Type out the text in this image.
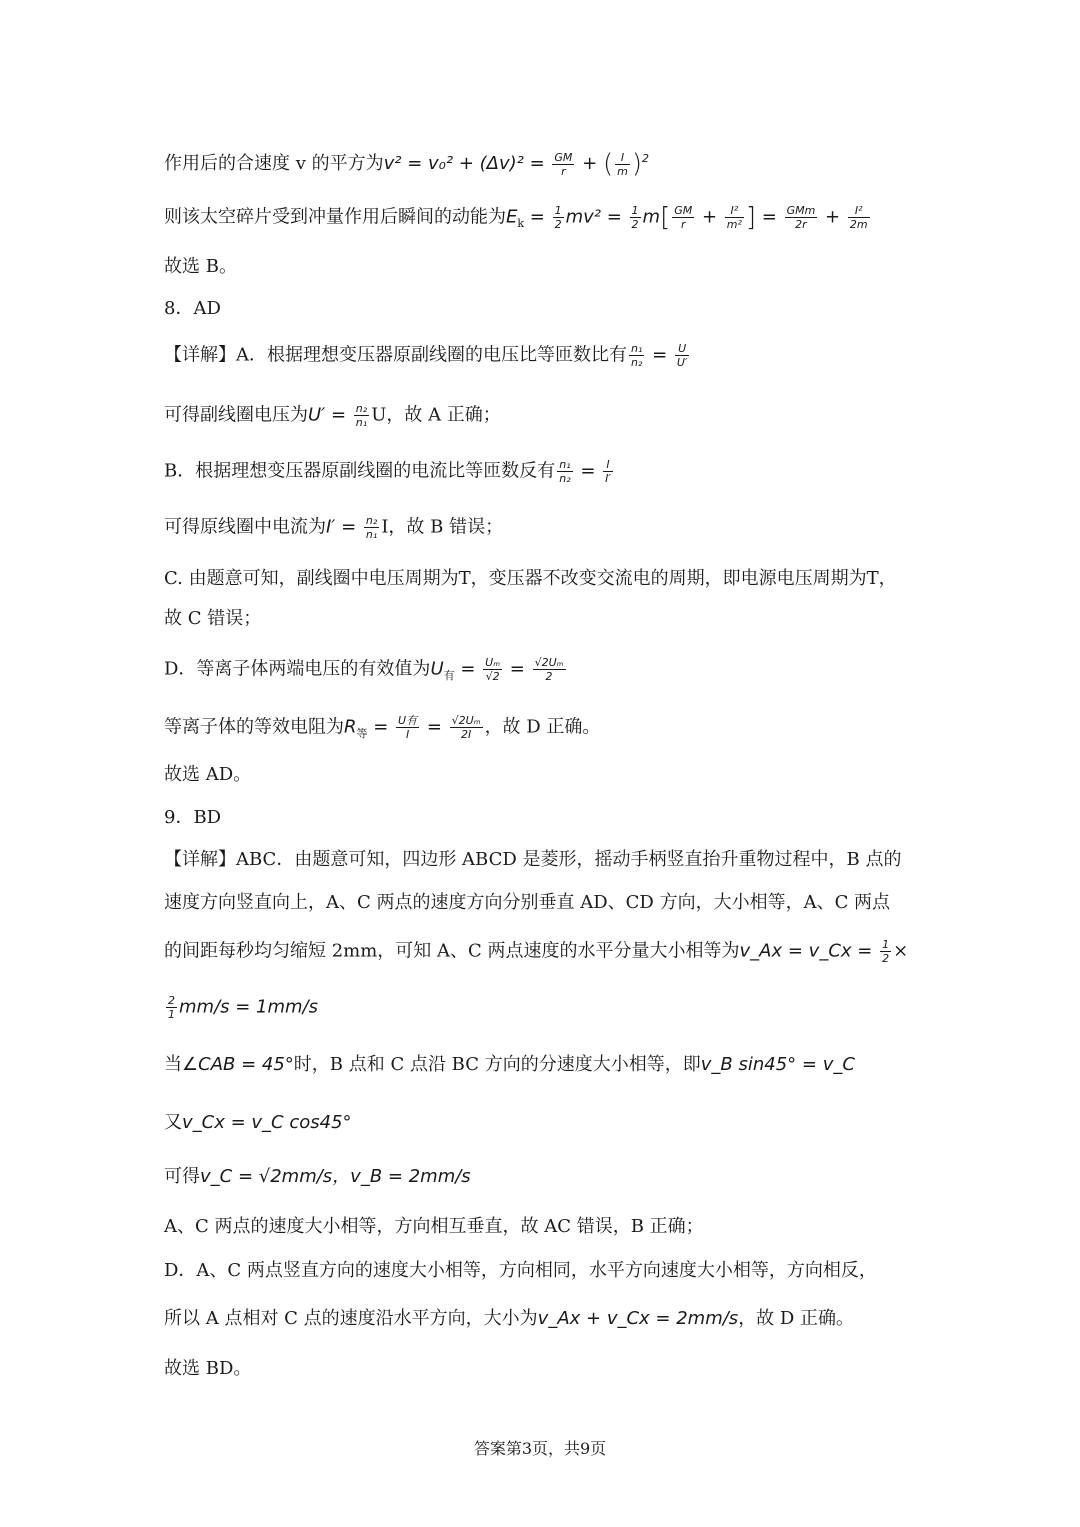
作用后的合速度 v 的平方为$v^2 = v_0^2 + (\Delta v)^2 = \frac{GM}{r}$ + ( $\frac{I}{m} )^2$
则该太空碎片受到冲量作用后瞬间的动能为$E_k = \frac{1}{2} mv^2 = \frac{1}{2} m[ \frac{GM}{r} + \frac{\text{I²}}{\text{m²}}$ ] = GMm
$2r + \frac{\text{I²}}{2m}$
故选 B。
8．AD
【详解】A．根据理想变压器原副线圈的电压比等匝数比有 $\frac{\text{n₁}}{\text{n₂}} = \frac{U}{U'}$
可得副线圈电压为$U' = \frac{\text{n₂}}{\text{n₁}}$ U，故 A 正确；
B．根据理想变压器原副线圈的电流比等匝数反有 $\frac{\text{n₁}}{\text{n₂}} = \frac{I}{I'}$
可得原线圈中电流为$I' = \frac{\text{n₂}}{\text{n₁}}$ I，故 B 错误；
C. 由题意可知，副线圈中电压周期为T，变压器不改变交流电的周期，即电源电压周期为T，
故 C 错误；
D．等离子体两端电压的有效值为$U_有 = \frac{\text{Uₘ}}{√2} = \frac{\text{√2Uₘ}}{2}$
等离子体的等效电阻为$R_等 = U$有
$I = \frac{\text{√2Uₘ}}{2I}$ ，故 D 正确。
故选 AD。
9．BD
【详解】ABC．由题意可知，四边形 ABCD 是菱形，摇动手柄竖直抬升重物过程中，B 点的
速度方向竖直向上，A、C 两点的速度方向分别垂直 AD、CD 方向，大小相等，A、C 两点
的间距每秒均匀缩短 2mm，可知 A、C 两点速度的水平分量大小相等为v_Ax = v_Cx = $\frac{1}{2}$ ×
$\frac{2}{1} mm/s = 1mm/s$
当∠CAB = 45°时，B 点和 C 点沿 BC 方向的分速度大小相等，即v_B sin45° = v_C
又v_Cx = v_C cos45°
可得v_C = √2mm/s，v_B = 2mm/s
A、C 两点的速度大小相等，方向相互垂直，故 AC 错误，B 正确；
D．A、C 两点竖直方向的速度大小相等，方向相同，水平方向速度大小相等，方向相反，
所以 A 点相对 C 点的速度沿水平方向，大小为v_Ax + v_Cx = 2mm/s，故 D 正确。
故选 BD。
答案第3页，共9页
